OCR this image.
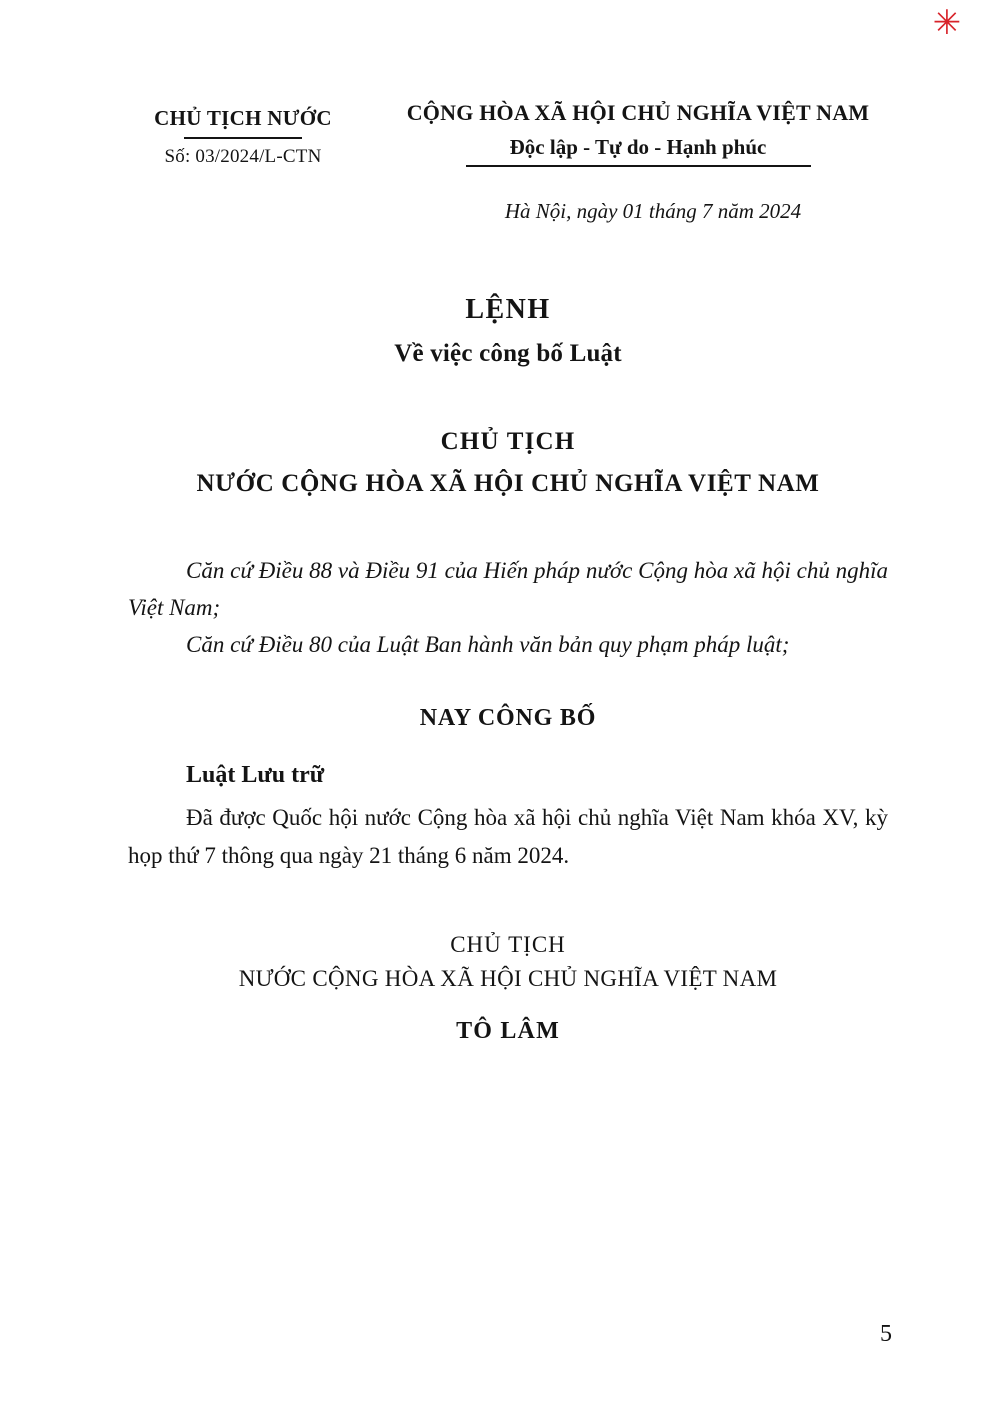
✳
CHỦ TỊCH NƯỚC
Số: 03/2024/L-CTN
CỘNG HÒA XÃ HỘI CHỦ NGHĨA VIỆT NAM
Độc lập - Tự do - Hạnh phúc
Hà Nội, ngày 01 tháng 7 năm 2024
LỆNH
Về việc công bố Luật
CHỦ TỊCH
NƯỚC CỘNG HÒA XÃ HỘI CHỦ NGHĨA VIỆT NAM

Căn cứ Điều 88 và Điều 91 của Hiến pháp nước Cộng hòa xã hội chủ nghĩa Việt Nam;

Căn cứ Điều 80 của Luật Ban hành văn bản quy phạm pháp luật;

NAY CÔNG BỐ
Luật Lưu trữ

Đã được Quốc hội nước Cộng hòa xã hội chủ nghĩa Việt Nam khóa XV, kỳ họp thứ 7 thông qua ngày 21 tháng 6 năm 2024.

CHỦ TỊCH
NƯỚC CỘNG HÒA XÃ HỘI CHỦ NGHĨA VIỆT NAM
TÔ LÂM
5
